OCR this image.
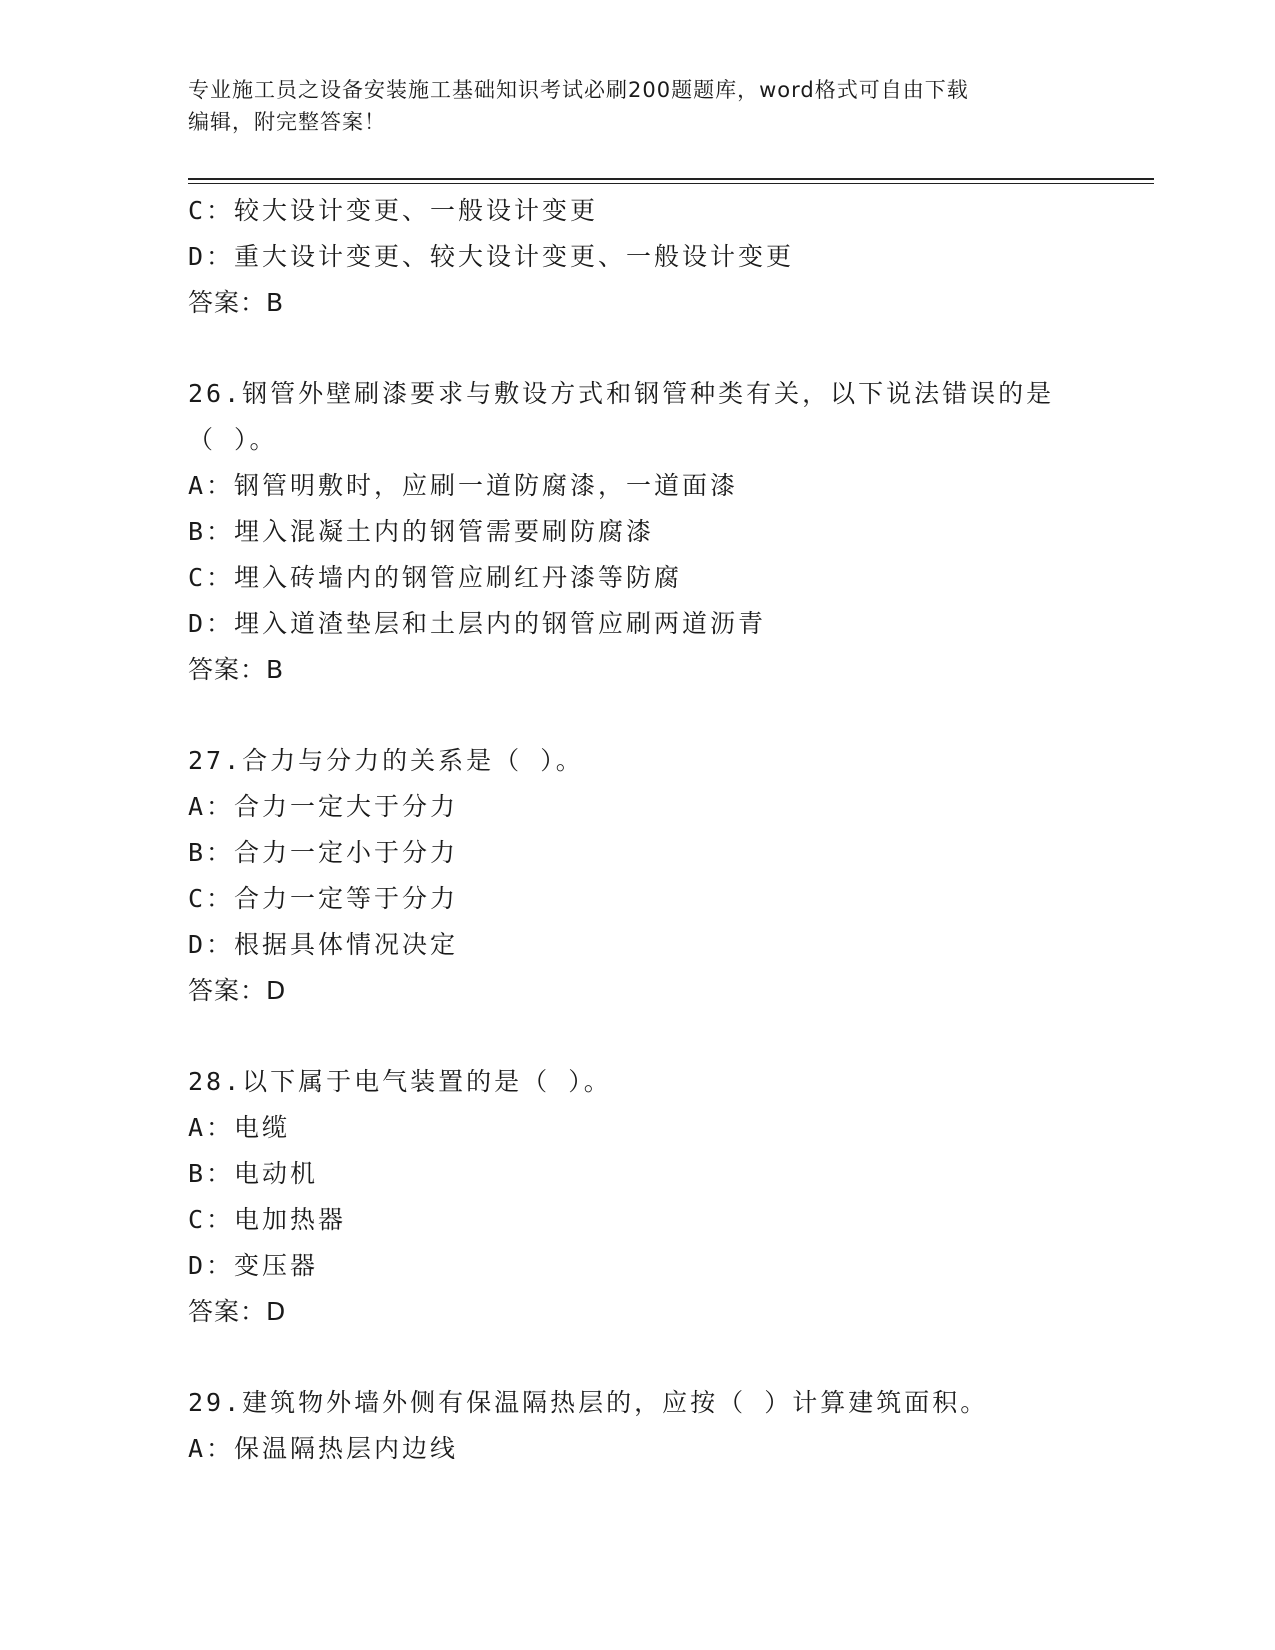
专业施工员之设备安装施工基础知识考试必刷200题题库，word格式可自由下载
编辑，附完整答案！
C：较大设计变更、一般设计变更
D：重大设计变更、较大设计变更、一般设计变更
答案：B
26.钢管外壁刷漆要求与敷设方式和钢管种类有关，以下说法错误的是
（ ）。
A：钢管明敷时，应刷一道防腐漆，一道面漆
B：埋入混凝土内的钢管需要刷防腐漆
C：埋入砖墙内的钢管应刷红丹漆等防腐
D：埋入道渣垫层和土层内的钢管应刷两道沥青
答案：B
27.合力与分力的关系是（ ）。
A：合力一定大于分力
B：合力一定小于分力
C：合力一定等于分力
D：根据具体情况决定
答案：D
28.以下属于电气装置的是（ ）。
A：电缆
B：电动机
C：电加热器
D：变压器
答案：D
29.建筑物外墙外侧有保温隔热层的，应按（ ）计算建筑面积。
A：保温隔热层内边线
